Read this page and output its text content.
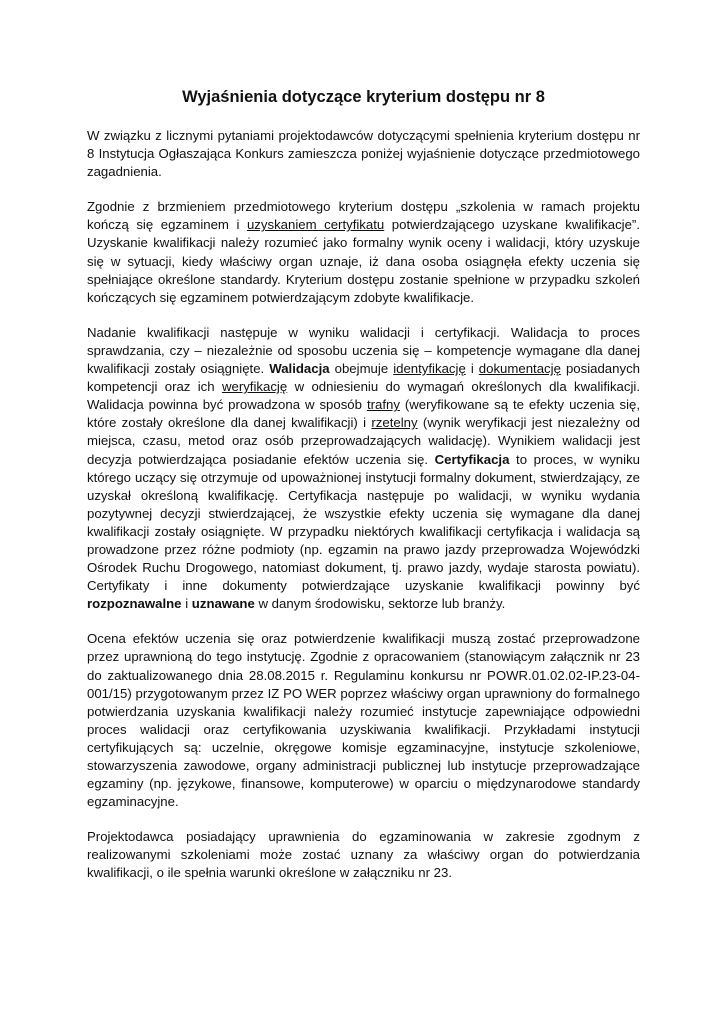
Wyjaśnienia dotyczące kryterium dostępu nr 8

W związku z licznymi pytaniami projektodawców dotyczącymi spełnienia kryterium dostępu nr 8 Instytucja Ogłaszająca Konkurs zamieszcza poniżej wyjaśnienie dotyczące przedmiotowego zagadnienia.

Zgodnie z brzmieniem przedmiotowego kryterium dostępu „szkolenia w ramach projektu kończą się egzaminem i uzyskaniem certyfikatu potwierdzającego uzyskane kwalifikacje”. Uzyskanie kwalifikacji należy rozumieć jako formalny wynik oceny i walidacji, który uzyskuje się w sytuacji, kiedy właściwy organ uznaje, iż dana osoba osiągnęła efekty uczenia się spełniające określone standardy. Kryterium dostępu zostanie spełnione w przypadku szkoleń kończących się egzaminem potwierdzającym zdobyte kwalifikacje.

Nadanie kwalifikacji następuje w wyniku walidacji i certyfikacji. Walidacja to proces sprawdzania, czy – niezależnie od sposobu uczenia się – kompetencje wymagane dla danej kwalifikacji zostały osiągnięte. Walidacja obejmuje identyfikację i dokumentację posiadanych kompetencji oraz ich weryfikację w odniesieniu do wymagań określonych dla kwalifikacji. Walidacja powinna być prowadzona w sposób trafny (weryfikowane są te efekty uczenia się, które zostały określone dla danej kwalifikacji) i rzetelny (wynik weryfikacji jest niezależny od miejsca, czasu, metod oraz osób przeprowadzających walidację). Wynikiem walidacji jest decyzja potwierdzająca posiadanie efektów uczenia się. Certyfikacja to proces, w wyniku którego uczący się otrzymuje od upoważnionej instytucji formalny dokument, stwierdzający, ze uzyskał określoną kwalifikację. Certyfikacja następuje po walidacji, w wyniku wydania pozytywnej decyzji stwierdzającej, że wszystkie efekty uczenia się wymagane dla danej kwalifikacji zostały osiągnięte. W przypadku niektórych kwalifikacji certyfikacja i walidacja są prowadzone przez różne podmioty (np. egzamin na prawo jazdy przeprowadza Wojewódzki Ośrodek Ruchu Drogowego, natomiast dokument, tj. prawo jazdy, wydaje starosta powiatu). Certyfikaty i inne dokumenty potwierdzające uzyskanie kwalifikacji powinny być rozpoznawalne i uznawane w danym środowisku, sektorze lub branży.

Ocena efektów uczenia się oraz potwierdzenie kwalifikacji muszą zostać przeprowadzone przez uprawnioną do tego instytucję. Zgodnie z opracowaniem (stanowiącym załącznik nr 23 do zaktualizowanego dnia 28.08.2015 r. Regulaminu konkursu nr POWR.01.02.02-IP.23-04-001/15) przygotowanym przez IZ PO WER poprzez właściwy organ uprawniony do formalnego potwierdzania uzyskania kwalifikacji należy rozumieć instytucje zapewniające odpowiedni proces walidacji oraz certyfikowania uzyskiwania kwalifikacji. Przykładami instytucji certyfikujących są: uczelnie, okręgowe komisje egzaminacyjne, instytucje szkoleniowe, stowarzyszenia zawodowe, organy administracji publicznej lub instytucje przeprowadzające egzaminy (np. językowe, finansowe, komputerowe) w oparciu o międzynarodowe standardy egzaminacyjne.

Projektodawca posiadający uprawnienia do egzaminowania w zakresie zgodnym z realizowanymi szkoleniami może zostać uznany za właściwy organ do potwierdzania kwalifikacji, o ile spełnia warunki określone w załączniku nr 23.
